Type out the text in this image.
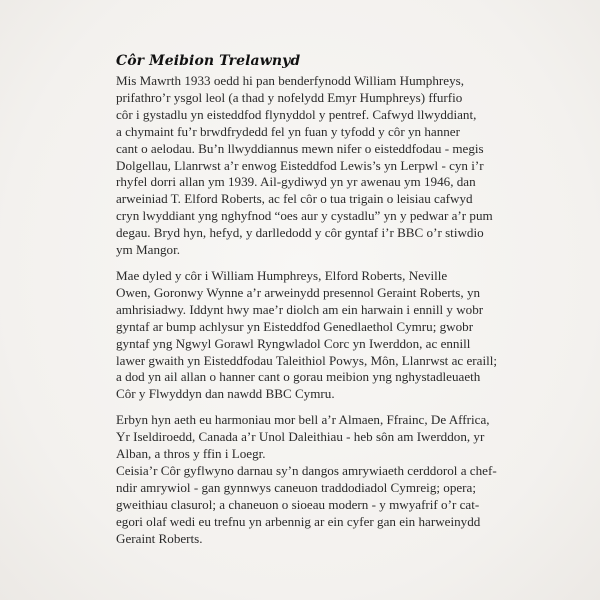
Côr Meibion Trelawnyd
Mis Mawrth 1933 oedd hi pan benderfynodd William Humphreys,
prifathro’r ysgol leol (a thad y nofelydd Emyr Humphreys) ffurfio
côr i gystadlu yn eisteddfod flynyddol y pentref. Cafwyd llwyddiant,
a chymaint fu’r brwdfrydedd fel yn fuan y tyfodd y côr yn hanner
cant o aelodau. Bu’n llwyddiannus mewn nifer o eisteddfodau - megis
Dolgellau, Llanrwst a’r enwog Eisteddfod Lewis’s yn Lerpwl - cyn i’r
rhyfel dorri allan ym 1939. Ail-gydiwyd yn yr awenau ym 1946, dan
arweiniad T. Elford Roberts, ac fel côr o tua trigain o leisiau cafwyd
cryn lwyddiant yng nghyfnod “oes aur y cystadlu” yn y pedwar a’r pum
degau. Bryd hyn, hefyd, y darlledodd y côr gyntaf i’r BBC o’r stiwdio
ym Mangor.
Mae dyled y côr i William Humphreys, Elford Roberts, Neville
Owen, Goronwy Wynne a’r arweinydd presennol Geraint Roberts, yn
amhrisiadwy. Iddynt hwy mae’r diolch am ein harwain i ennill y wobr
gyntaf ar bump achlysur yn Eisteddfod Genedlaethol Cymru; gwobr
gyntaf yng Ngwyl Gorawl Ryngwladol Corc yn Iwerddon, ac ennill
lawer gwaith yn Eisteddfodau Taleithiol Powys, Môn, Llanrwst ac eraill;
a dod yn ail allan o hanner cant o gorau meibion yng nghystadleuaeth
Côr y Flwyddyn dan nawdd BBC Cymru.
Erbyn hyn aeth eu harmoniau mor bell a’r Almaen, Ffrainc, De Affrica,
Yr Iseldiroedd, Canada a’r Unol Daleithiau - heb sôn am Iwerddon, yr
Alban, a thros y ffin i Loegr.
Ceisia’r Côr gyflwyno darnau sy’n dangos amrywiaeth cerddorol a chef-
ndir amrywiol - gan gynnwys caneuon traddodiadol Cymreig; opera;
gweithiau clasurol; a chaneuon o sioeau modern - y mwyafrif o’r cat-
egori olaf wedi eu trefnu yn arbennig ar ein cyfer gan ein harweinydd
Geraint Roberts.
